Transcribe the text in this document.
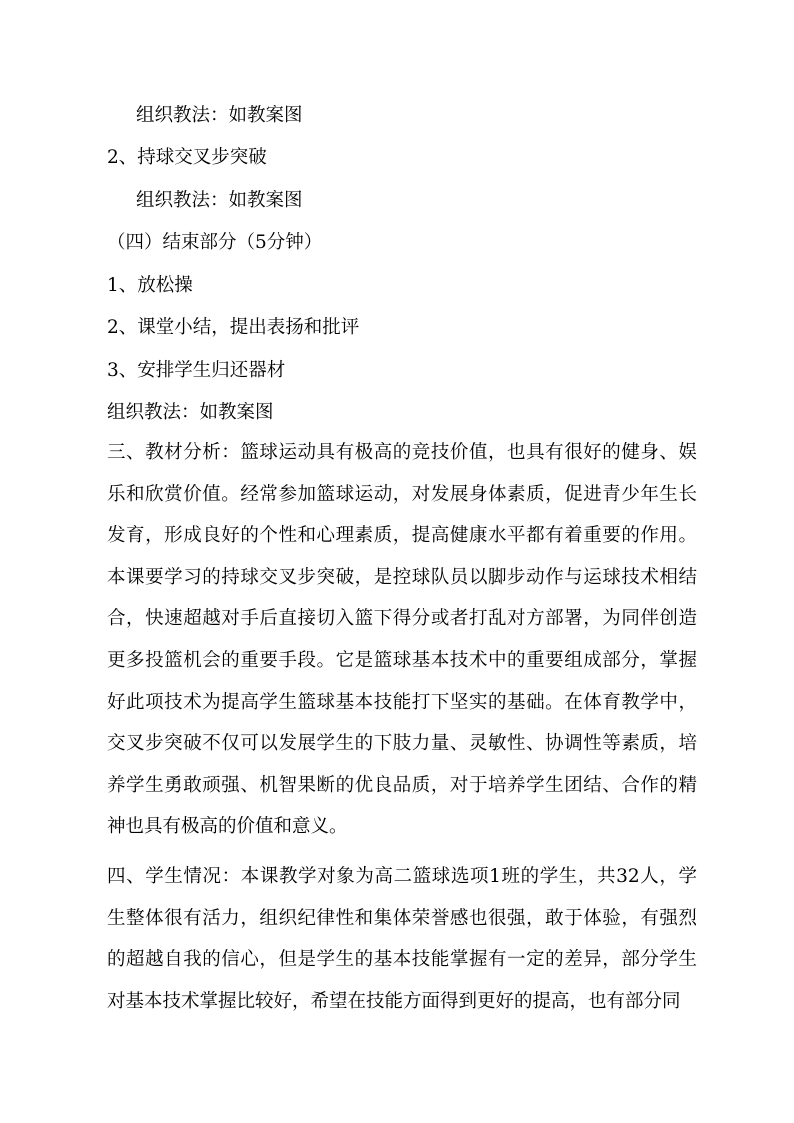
组织教法：如教案图
2、持球交叉步突破
组织教法：如教案图
（四）结束部分（5分钟）
1、放松操
2、课堂小结，提出表扬和批评
3、安排学生归还器材
组织教法：如教案图
三、教材分析：篮球运动具有极高的竞技价值，也具有很好的健身、娱乐和欣赏价值。经常参加篮球运动，对发展身体素质，促进青少年生长发育，形成良好的个性和心理素质，提高健康水平都有着重要的作用。本课要学习的持球交叉步突破，是控球队员以脚步动作与运球技术相结合，快速超越对手后直接切入篮下得分或者打乱对方部署，为同伴创造更多投篮机会的重要手段。它是篮球基本技术中的重要组成部分，掌握好此项技术为提高学生篮球基本技能打下坚实的基础。在体育教学中，交叉步突破不仅可以发展学生的下肢力量、灵敏性、协调性等素质，培养学生勇敢顽强、机智果断的优良品质，对于培养学生团结、合作的精神也具有极高的价值和意义。
四、学生情况：本课教学对象为高二篮球选项1班的学生，共32人，学生整体很有活力，组织纪律性和集体荣誉感也很强，敢于体验，有强烈的超越自我的信心，但是学生的基本技能掌握有一定的差异，部分学生对基本技术掌握比较好，希望在技能方面得到更好的提高，也有部分同
